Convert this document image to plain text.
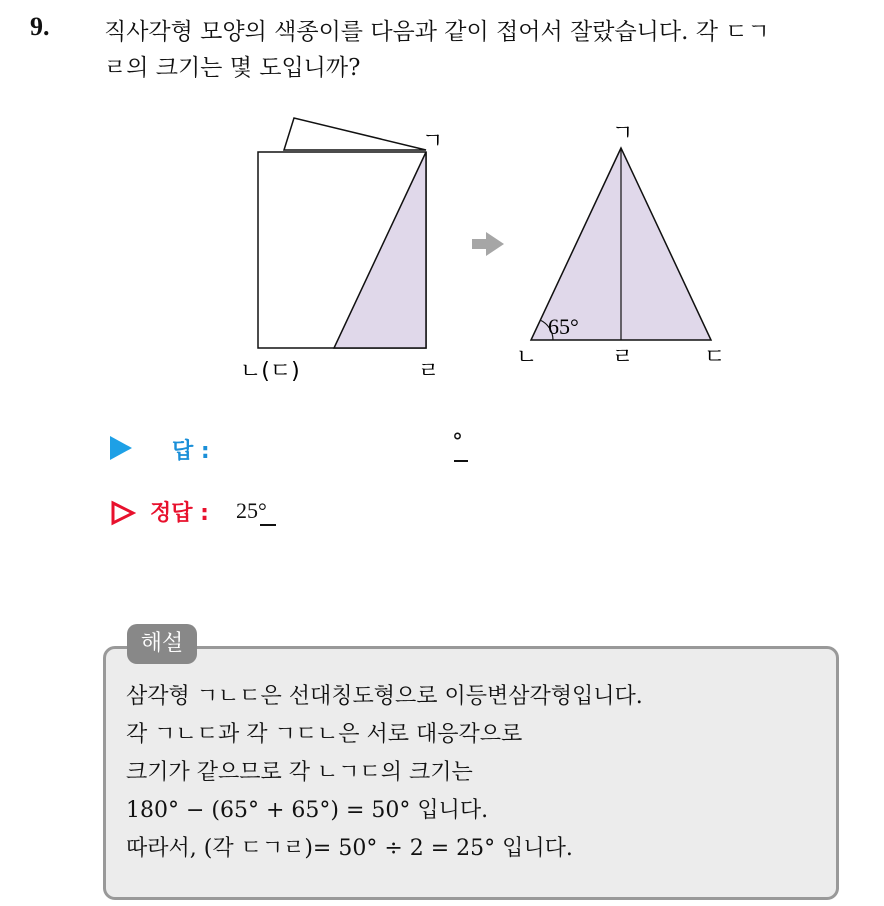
9. 직사각형 모양의 색종이를 다음과 같이 접어서 잘랐습니다. 각 ㄷㄱ
ㄹ의 크기는 몇 도입니까?
ㄱ
ㄴ(ㄷ)	ㄹ
65°
ㄱ
ㄴ	ㄹ	ㄷ
답 :	°
정답 : 25°
해설
삼각형 ㄱㄴㄷ은 선대칭도형으로 이등변삼각형입니다.
각 ㄱㄴㄷ과 각 ㄱㄷㄴ은 서로 대응각으로
크기가 같으므로 각 ㄴㄱㄷ의 크기는
180° − (65° + 65°) = 50° 입니다.
따라서, (각 ㄷㄱㄹ)= 50° ÷ 2 = 25° 입니다.
